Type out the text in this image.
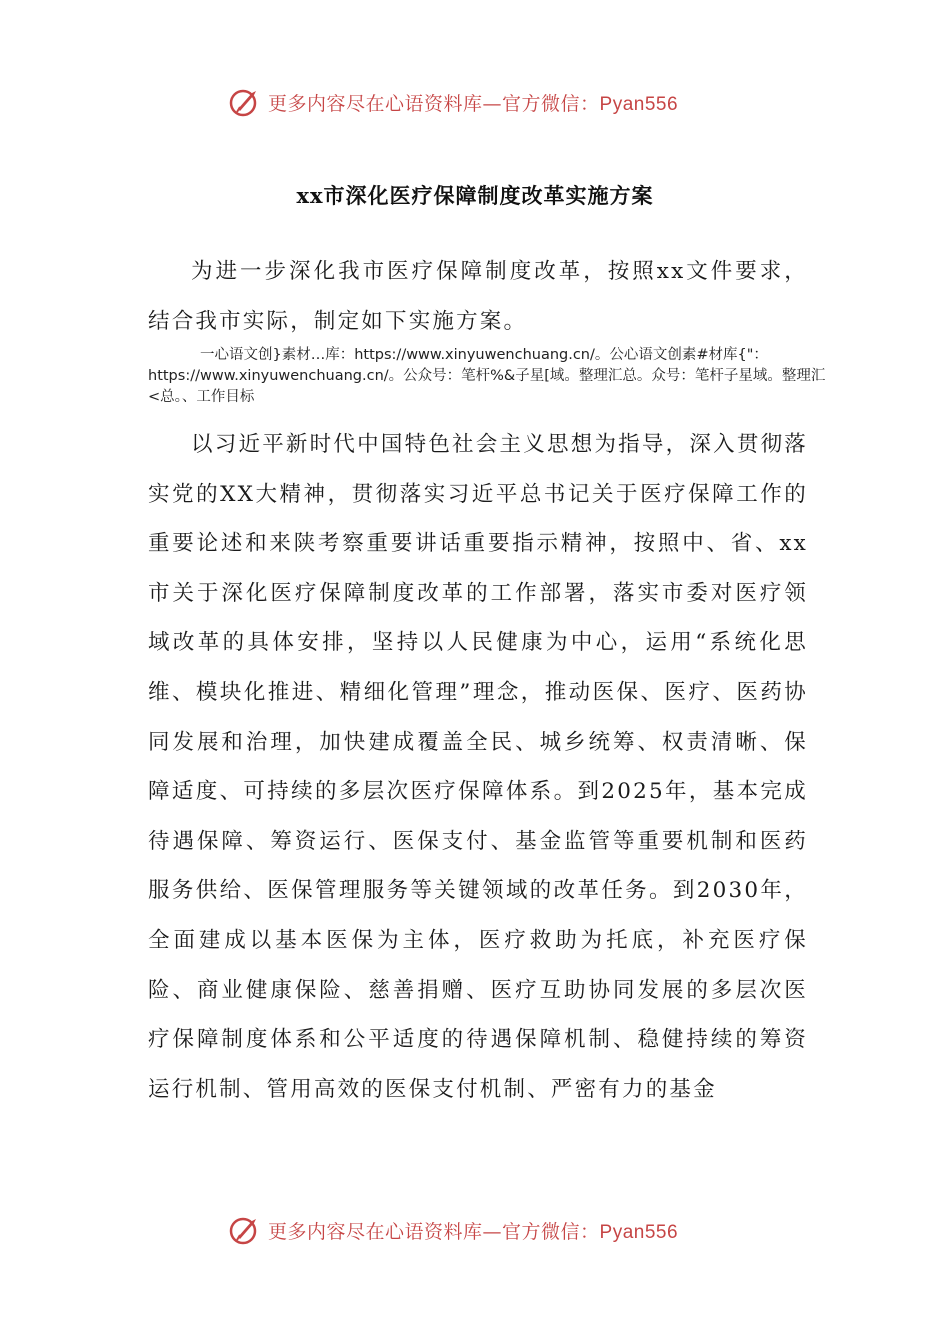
更多内容尽在心语资料库—官方微信：Pyan556
xx市深化医疗保障制度改革实施方案

为进一步深化我市医疗保障制度改革，按照xx文件要求，结合我市实际，制定如下实施方案。

一心语文创}素材…库：https://www.xinyuwenchuang.cn/。公心语文创素#材库{"：https://www.xinyuwenchuang.cn/。公众号：笔杆%&子星[域。整理汇总。众号：笔杆子星域。整理汇<总。、工作目标

以习近平新时代中国特色社会主义思想为指导，深入贯彻落实党的XX大精神，贯彻落实习近平总书记关于医疗保障工作的重要论述和来陕考察重要讲话重要指示精神，按照中、省、xx市关于深化医疗保障制度改革的工作部署，落实市委对医疗领域改革的具体安排，坚持以人民健康为中心，运用“系统化思维、模块化推进、精细化管理”理念，推动医保、医疗、医药协同发展和治理，加快建成覆盖全民、城乡统筹、权责清晰、保障适度、可持续的多层次医疗保障体系。到2025年，基本完成待遇保障、筹资运行、医保支付、基金监管等重要机制和医药服务供给、医保管理服务等关键领域的改革任务。到2030年，全面建成以基本医保为主体，医疗救助为托底，补充医疗保险、商业健康保险、慈善捐赠、医疗互助协同发展的多层次医疗保障制度体系和公平适度的待遇保障机制、稳健持续的筹资运行机制、管用高效的医保支付机制、严密有力的基金

更多内容尽在心语资料库—官方微信：Pyan556
